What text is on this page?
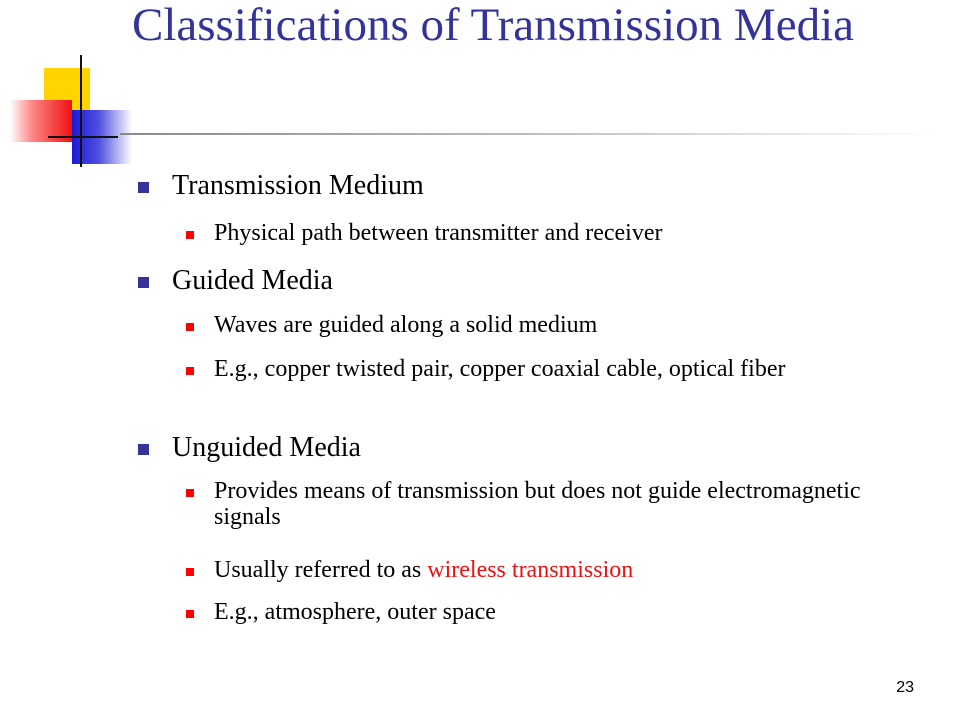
Classifications of Transmission Media

Transmission Medium

Physical path between transmitter and receiver

Guided Media

Waves are guided along a solid medium

E.g., copper twisted pair, copper coaxial cable, optical fiber

Unguided Media

Provides means of transmission but does not guide electromagnetic signals

Usually referred to as wireless transmission

E.g., atmosphere, outer space

23
